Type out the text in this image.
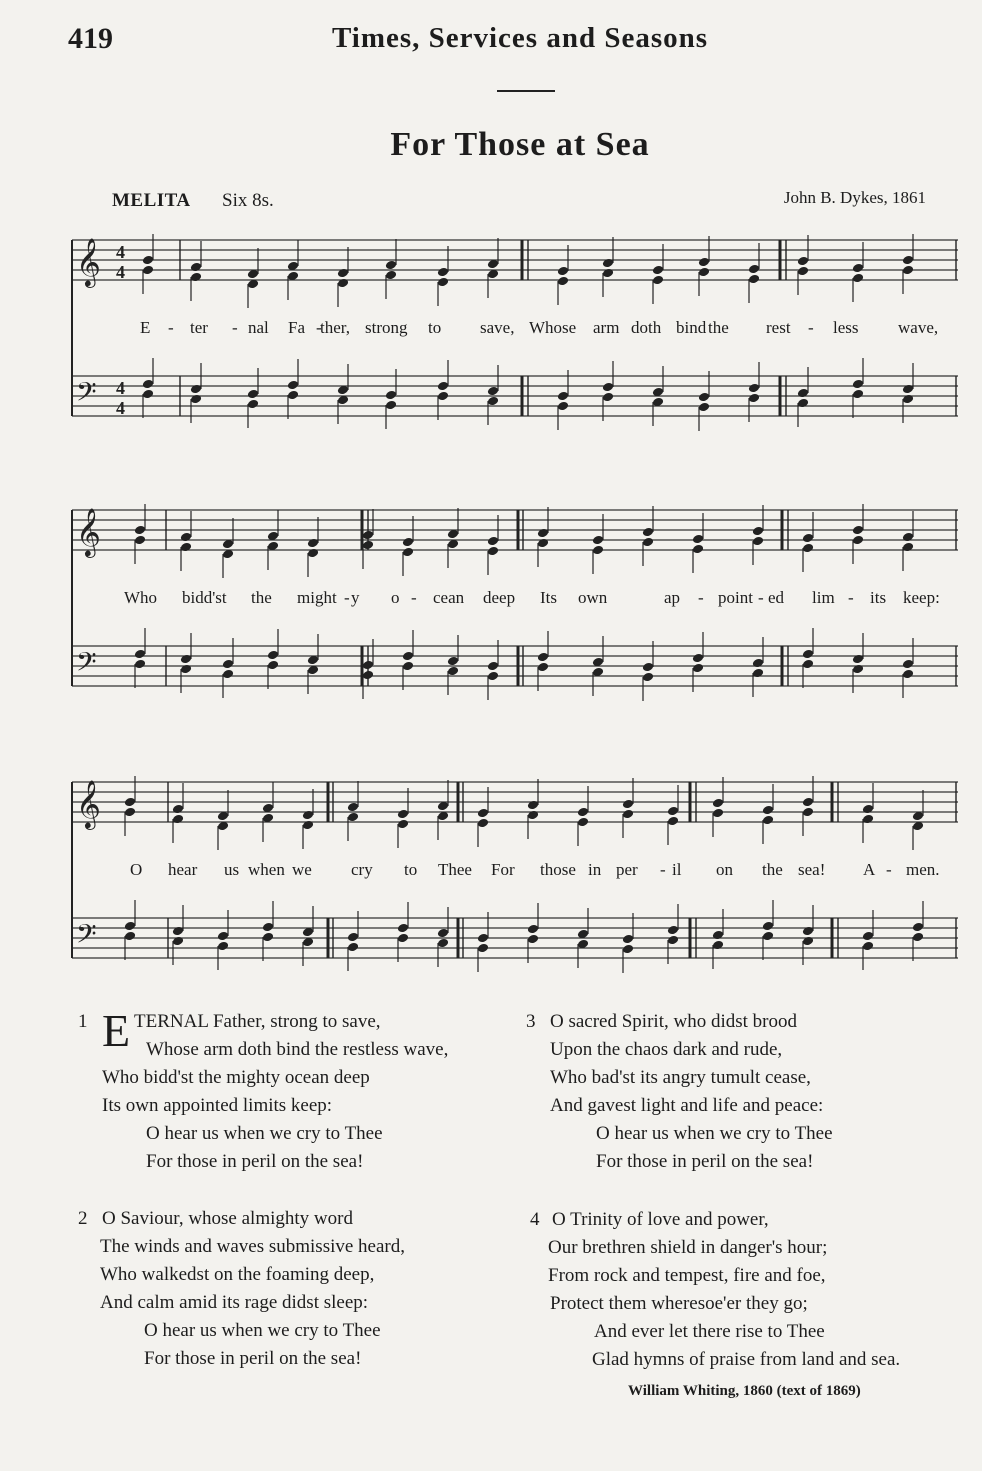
419	Times, Services and Seasons
For Those at Sea
MELITA Six 8s.	John B. Dykes, 1861
𝄞
𝄢
4
4
4
4
E - ter - nal Fa -
ther, strong to save, Whose arm doth bind the rest - less wave,
𝄞
𝄢
Who bidd'st the might - y o - cean deep Its own	ap - point - ed lim - its keep:
𝄞
𝄢
O hear us when we cry to Thee For those in per - il on the sea! A - men.
1 E TERNAL Father, strong to save,
Whose arm doth bind the restless wave,
Who bidd'st the mighty ocean deep
Its own appointed limits keep:
O hear us when we cry to Thee
For those in peril on the sea!
2 O Saviour, whose almighty word
The winds and waves submissive heard,
Who walkedst on the foaming deep,
And calm amid its rage didst sleep:
O hear us when we cry to Thee
For those in peril on the sea!
3 O sacred Spirit, who didst brood
Upon the chaos dark and rude,
Who bad'st its angry tumult cease,
And gavest light and life and peace:
O hear us when we cry to Thee
For those in peril on the sea!
4 O Trinity of love and power,
Our brethren shield in danger's hour;
From rock and tempest, fire and foe,
Protect them wheresoe'er they go;
And ever let there rise to Thee
Glad hymns of praise from land and sea.
William Whiting, 1860 (text of 1869)
